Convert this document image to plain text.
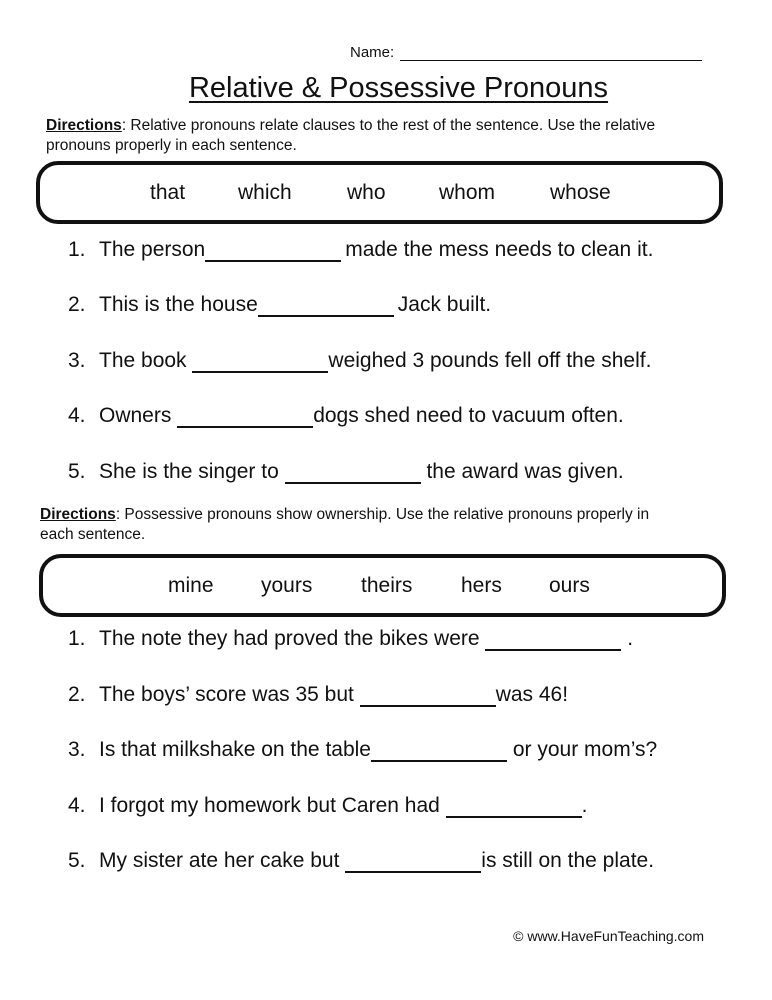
Name:
Relative & Possessive Pronouns
Directions: Relative pronouns relate clauses to the rest of the sentence. Use the relative pronouns properly in each sentence.
that	which	who	whom	whose
1. The person	made the mess needs to clean it.
2. This is the house	Jack built.
3. The book	weighed 3 pounds fell off the shelf.
4. Owners	dogs shed need to vacuum often.
5. She is the singer to	the award was given.
Directions: Possessive pronouns show ownership. Use the relative pronouns properly in each sentence.
mine yours theirs hers ours
1. The note they had proved the bikes were	.
2. The boys’ score was 35 but	was 46!
3. Is that milkshake on the table	or your mom’s?
4. I forgot my homework but Caren had	.
5. My sister ate her cake but	is still on the plate.
© www.HaveFunTeaching.com
